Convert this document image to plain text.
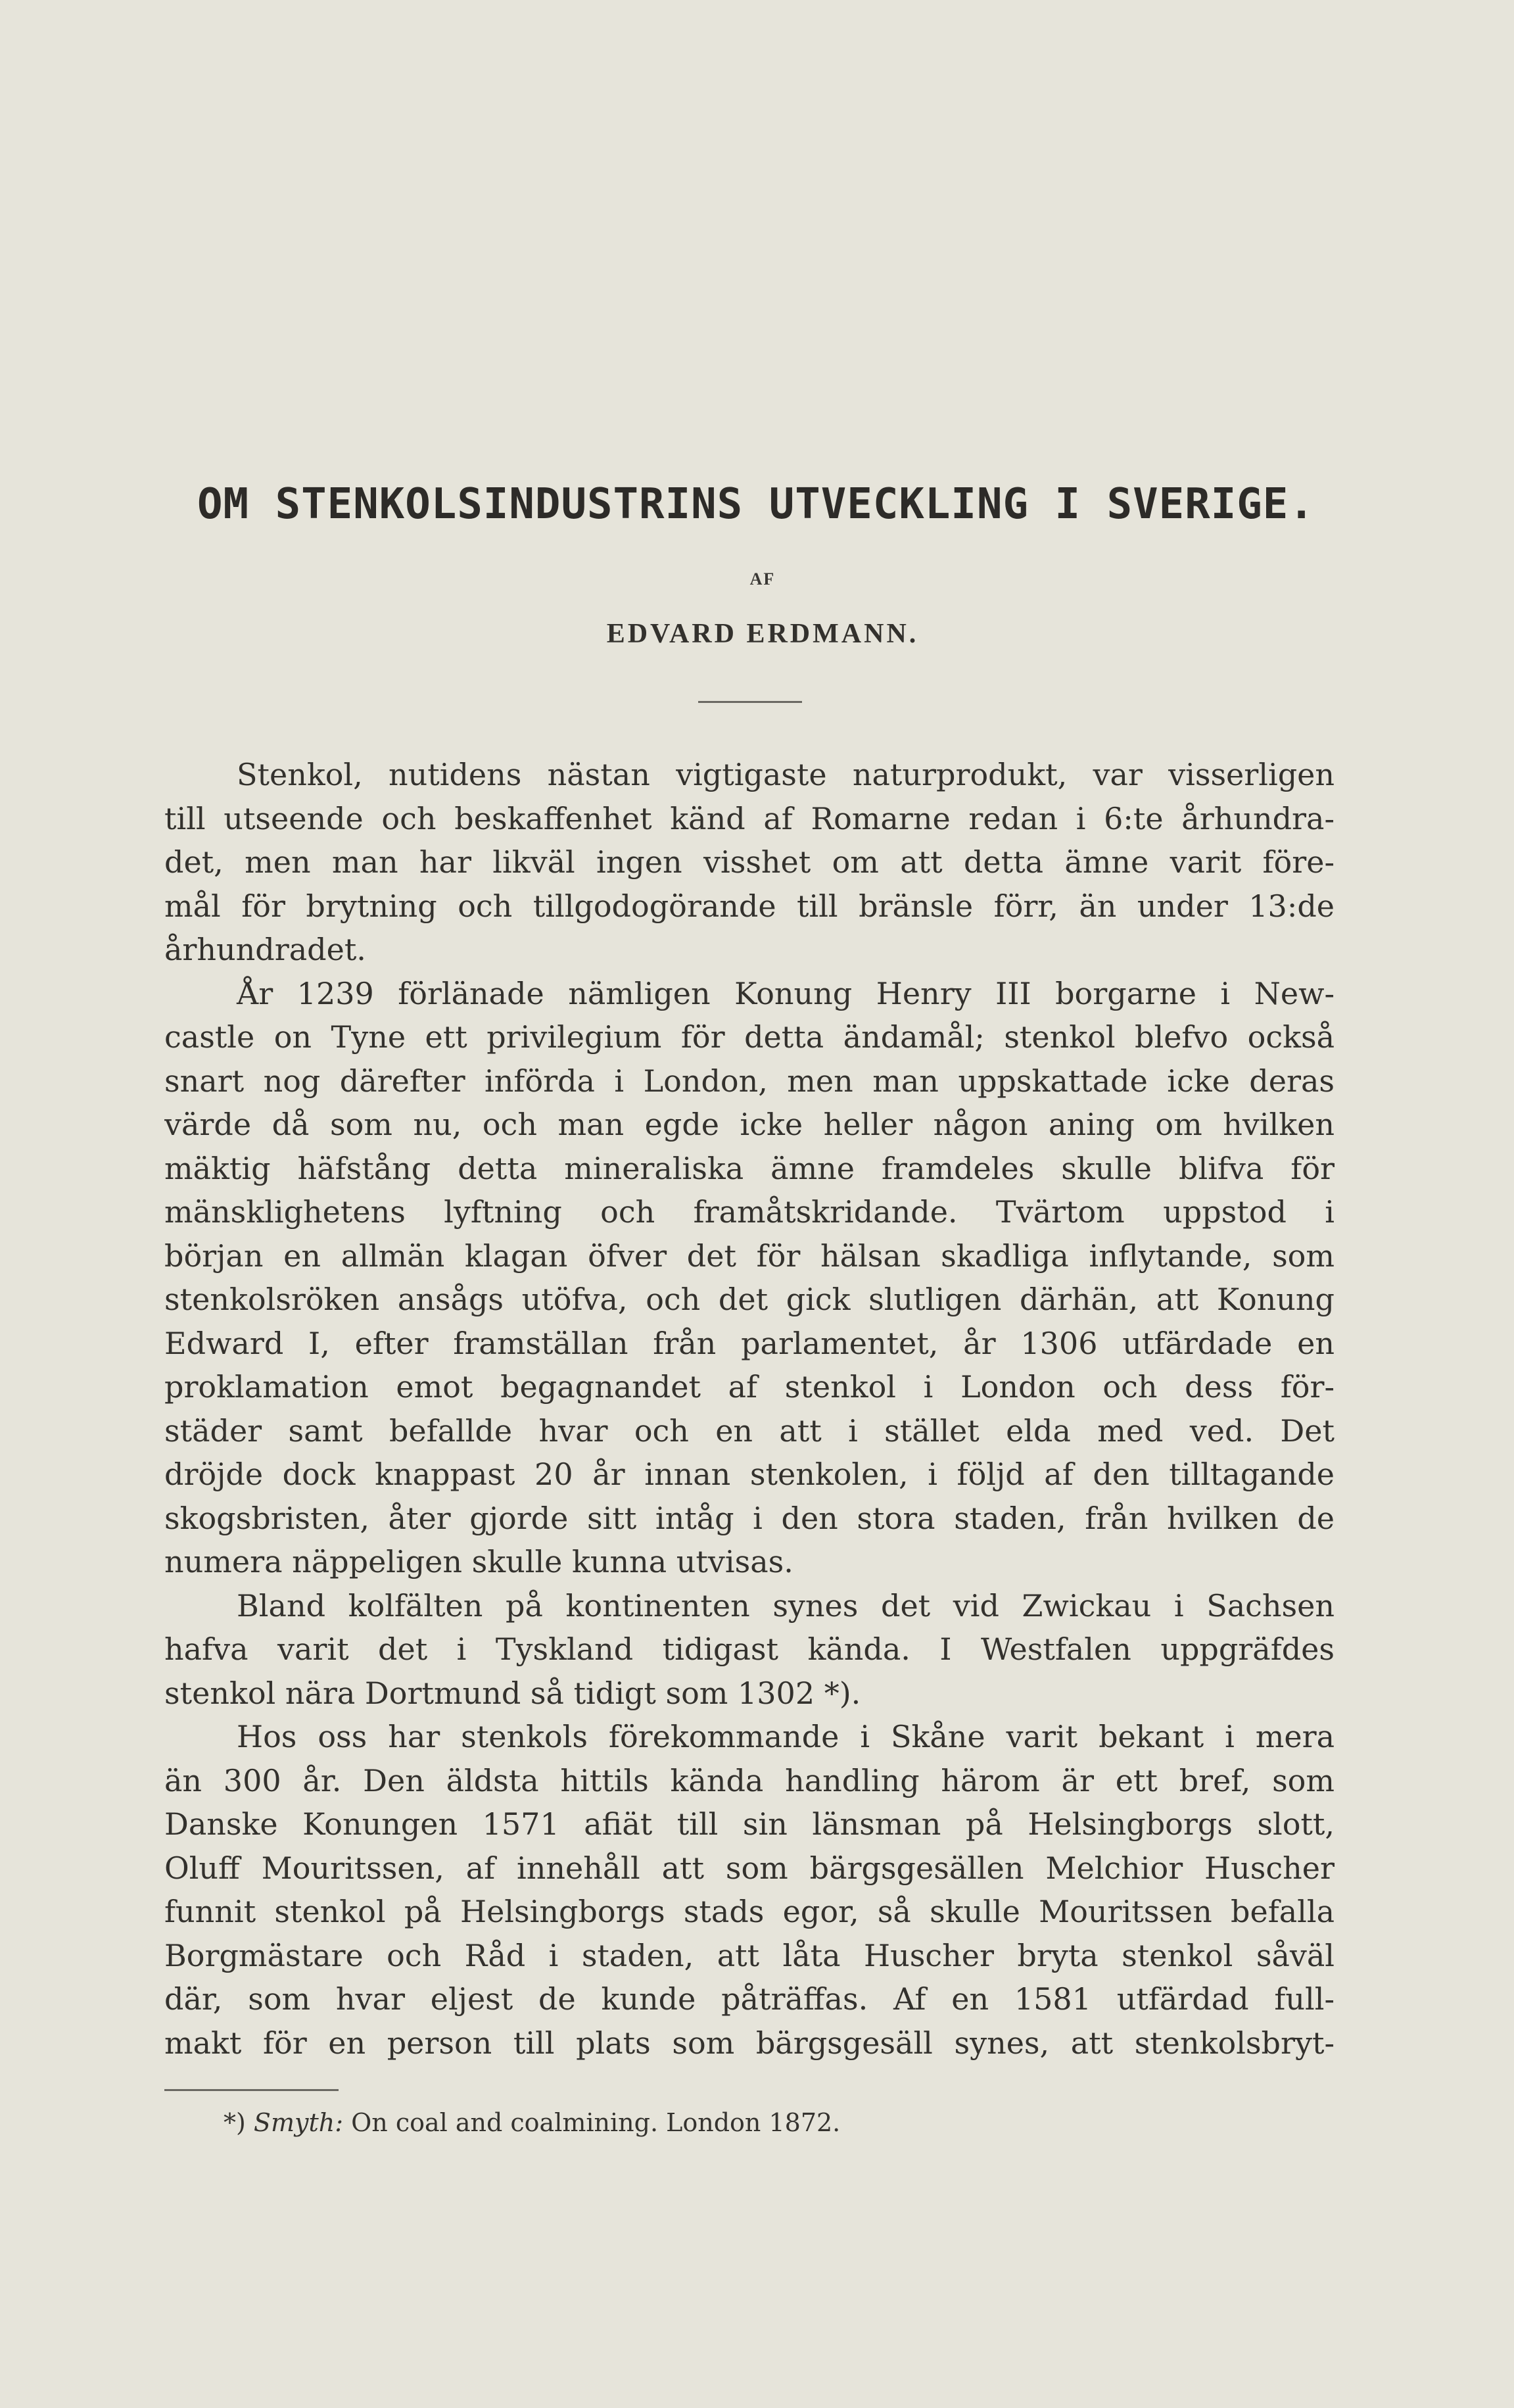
OM STENKOLSINDUSTRINS UTVECKLING I SVERIGE.
AF
EDVARD ERDMANN.
Stenkol, nutidens nästan vigtigaste naturprodukt, var visserligen
till utseende och beskaffenhet känd af Romarne redan i 6:te århundra-
det, men man har likväl ingen visshet om att detta ämne varit före-
mål för brytning och tillgodogörande till bränsle förr, än under 13:de
århundradet.
År 1239 förlänade nämligen Konung Henry III borgarne i New-
castle on Tyne ett privilegium för detta ändamål; stenkol blefvo också
snart nog därefter införda i London, men man uppskattade icke deras
värde då som nu, och man egde icke heller någon aning om hvilken
mäktig häfstång detta mineraliska ämne framdeles skulle blifva för
mänsklighetens lyftning och framåtskridande. Tvärtom uppstod i
början en allmän klagan öfver det för hälsan skadliga inflytande, som
stenkolsröken ansågs utöfva, och det gick slutligen därhän, att Konung
Edward I, efter framställan från parlamentet, år 1306 utfärdade en
proklamation emot begagnandet af stenkol i London och dess för-
städer samt befallde hvar och en att i stället elda med ved. Det
dröjde dock knappast 20 år innan stenkolen, i följd af den tilltagande
skogsbristen, åter gjorde sitt intåg i den stora staden, från hvilken de
numera näppeligen skulle kunna utvisas.
Bland kolfälten på kontinenten synes det vid Zwickau i Sachsen
hafva varit det i Tyskland tidigast kända. I Westfalen uppgräfdes
stenkol nära Dortmund så tidigt som 1302 *).
Hos oss har stenkols förekommande i Skåne varit bekant i mera
än 300 år. Den äldsta hittils kända handling härom är ett bref, som
Danske Konungen 1571 afiät till sin länsman på Helsingborgs slott,
Oluff Mouritssen, af innehåll att som bärgsgesällen Melchior Huscher
funnit stenkol på Helsingborgs stads egor, så skulle Mouritssen befalla
Borgmästare och Råd i staden, att låta Huscher bryta stenkol såväl
där, som hvar eljest de kunde påträffas. Af en 1581 utfärdad full-
makt för en person till plats som bärgsgesäll synes, att stenkolsbryt-
*) Smyth: On coal and coalmining. London 1872.
